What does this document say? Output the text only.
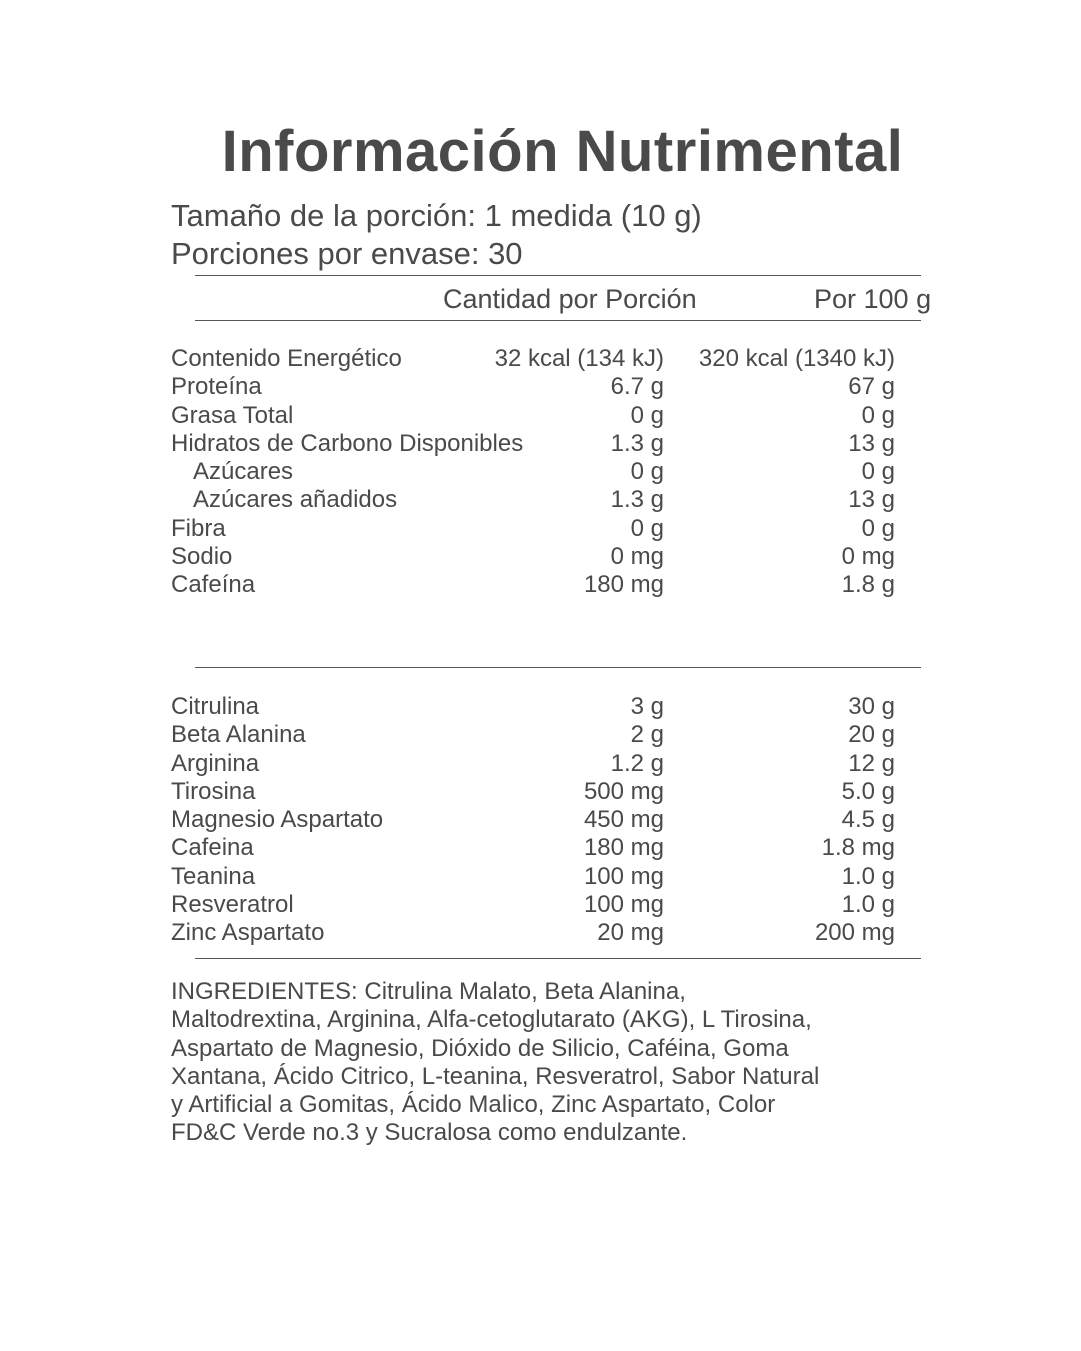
Información Nutrimental
Tamaño de la porción: 1 medida (10 g)
Porciones por envase: 30
Cantidad por Porción	Por 100 g
Contenido Energético	32 kcal (134 kJ) 320 kcal (1340 kJ)
Proteína	6.7 g	67 g
Grasa Total	0 g	0 g
Hidratos de Carbono Disponibles	1.3 g	13 g
Azúcares	0 g	0 g
Azúcares añadidos	1.3 g	13 g
Fibra	0 g	0 g
Sodio	0 mg	0 mg
Cafeína	180 mg	1.8 g
Citrulina	3 g	30 g
Beta Alanina	2 g	20 g
Arginina	1.2 g	12 g
Tirosina	500 mg	5.0 g
Magnesio Aspartato	450 mg	4.5 g
Cafeina	180 mg	1.8 mg
Teanina	100 mg	1.0 g
Resveratrol	100 mg	1.0 g
Zinc Aspartato	20 mg	200 mg
INGREDIENTES: Citrulina Malato, Beta Alanina,
Maltodrextina, Arginina, Alfa-cetoglutarato (AKG), L Tirosina,
Aspartato de Magnesio, Dióxido de Silicio, Caféina, Goma
Xantana, Ácido Citrico, L-teanina, Resveratrol, Sabor Natural
y Artificial a Gomitas, Ácido Malico, Zinc Aspartato, Color
FD&C Verde no.3 y Sucralosa como endulzante.
